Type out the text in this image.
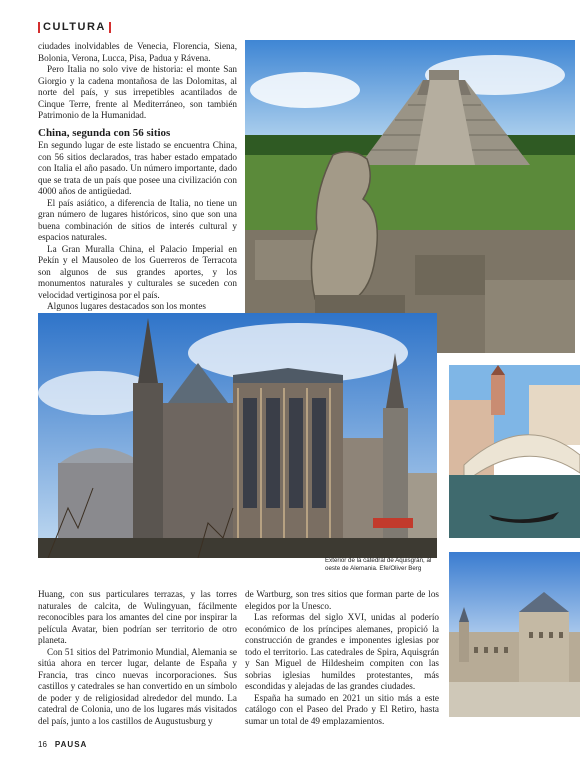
CULTURA

ciudades inolvidables de Venecia, Florencia, Siena, Bolonia, Verona, Lucca, Pisa, Padua y Rávena.

Pero Italia no solo vive de historia: el monte San Giorgio y la cadena montañosa de las Dolomitas, al norte del país, y sus irrepetibles acantilados de Cinque Terre, frente al Mediterráneo, son también Patrimonio de la Humanidad.

China, segunda con 56 sitios

En segundo lugar de este listado se encuentra China, con 56 sitios declarados, tras haber estado empatado con Italia el año pasado. Un número importante, dado que se trata de un país que posee una civilización con 4000 años de antigüedad.

El país asiático, a diferencia de Italia, no tiene un gran número de lugares históricos, sino que son una buena combinación de sitios de interés cultural y espacios naturales.

La Gran Muralla China, el Palacio Imperial en Pekín y el Mausoleo de los Guerreros de Terracota son algunos de sus grandes aportes, y los monumentos naturales y culturales se suceden con velocidad vertiginosa por el país.

Algunos lugares destacados son los montes

Exterior de la catedral de Aquisgrán, al oeste de Alemania. Efe/Oliver Berg

Huang, con sus particulares terrazas, y las torres naturales de calcita, de Wulingyuan, fácilmente reconocibles para los amantes del cine por inspirar la película Avatar, bien podrían ser territorio de otro planeta.

Con 51 sitios del Patrimonio Mundial, Alemania se sitúa ahora en tercer lugar, delante de España y Francia, tras cinco nuevas incorporaciones. Sus castillos y catedrales se han convertido en un símbolo de poder y de religiosidad alrededor del mundo. La catedral de Colonia, uno de los lugares más visitados del país, junto a los castillos de Augustusburg y

de Wartburg, son tres sitios que forman parte de los elegidos por la Unesco.

Las reformas del siglo XVI, unidas al poderío económico de los príncipes alemanes, propició la construcción de grandes e imponentes iglesias por todo el territorio. Las catedrales de Spira, Aquisgrán y San Miguel de Hildesheim compiten con las sobrias iglesias humildes protestantes, más escondidas y alejadas de las grandes ciudades.

España ha sumado en 2021 un sitio más a este catálogo con el Paseo del Prado y El Retiro, hasta sumar un total de 49 emplazamientos.

16 PAUSA
